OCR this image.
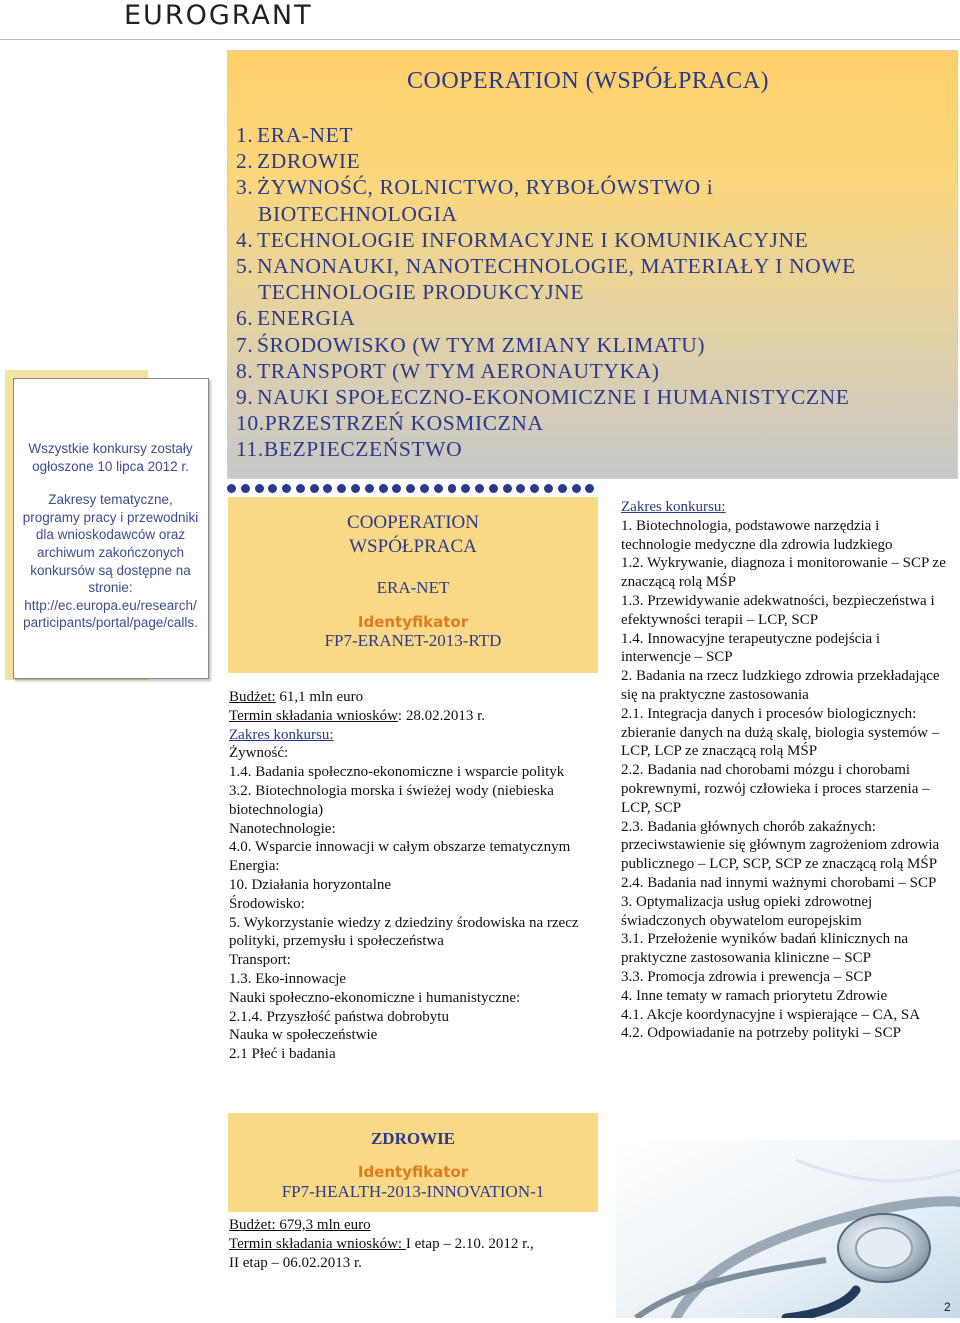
EUROGRANT

Wszystkie konkursy zostały ogłoszone 10 lipca 2012 r.

Zakresy tematyczne, programy pracy i przewodniki dla wnioskodawców oraz archiwum zakończonych konkursów są dostępne na stronie: http://ec.europa.eu/research/ participants/portal/page/calls.

COOPERATION (WSPÓŁPRACA)
1. ERA-NET
2. ZDROWIE
3. ŻYWNOŚĆ, ROLNICTWO, RYBOŁÓWSTWO i
BIOTECHNOLOGIA
4. TECHNOLOGIE INFORMACYJNE I KOMUNIKACYJNE
5. NANONAUKI, NANOTECHNOLOGIE, MATERIAŁY I NOWE
TECHNOLOGIE PRODUKCYJNE
6. ENERGIA
7. ŚRODOWISKO (W TYM ZMIANY KLIMATU)
8. TRANSPORT (W TYM AERONAUTYKA)
9. NAUKI SPOŁECZNO-EKONOMICZNE I HUMANISTYCZNE
10.PRZESTRZEŃ KOSMICZNA
11.BEZPIECZEŃSTWO
COOPERATION
WSPÓŁPRACA
ERA-NET
Identyfikator
FP7-ERANET-2013-RTD
Budżet: 61,1 mln euro
Termin składania wniosków: 28.02.2013 r.
Zakres konkursu:
Żywność:
1.4. Badania społeczno-ekonomiczne i wsparcie polityk
3.2. Biotechnologia morska i świeżej wody (niebieska biotechnologia)
Nanotechnologie:
4.0. Wsparcie innowacji w całym obszarze tematycznym
Energia:
10. Działania horyzontalne
Środowisko:
5. Wykorzystanie wiedzy z dziedziny środowiska na rzecz polityki, przemysłu i społeczeństwa
Transport:
1.3. Eko-innowacje
Nauki społeczno-ekonomiczne i humanistyczne:
2.1.4. Przyszłość państwa dobrobytu
Nauka w społeczeństwie
2.1 Płeć i badania
ZDROWIE
Identyfikator
FP7-HEALTH-2013-INNOVATION-1
Budżet: 679,3 mln euro
Termin składania wniosków: I etap – 2.10. 2012 r.,
II etap – 06.02.2013 r.
Zakres konkursu:
1. Biotechnologia, podstawowe narzędzia i technologie medyczne dla zdrowia ludzkiego
1.2. Wykrywanie, diagnoza i monitorowanie – SCP ze znaczącą rolą MŚP
1.3. Przewidywanie adekwatności, bezpieczeństwa i efektywności terapii – LCP, SCP
1.4. Innowacyjne terapeutyczne podejścia i interwencje – SCP
2. Badania na rzecz ludzkiego zdrowia przekładające się na praktyczne zastosowania
2.1. Integracja danych i procesów biologicznych: zbieranie danych na dużą skalę, biologia systemów –LCP, LCP ze znaczącą rolą MŚP
2.2. Badania nad chorobami mózgu i chorobami pokrewnymi, rozwój człowieka i proces starzenia – LCP, SCP
2.3. Badania głównych chorób zakaźnych: przeciwstawienie się głównym zagrożeniom zdrowia publicznego – LCP, SCP, SCP ze znaczącą rolą MŚP
2.4. Badania nad innymi ważnymi chorobami – SCP
3. Optymalizacja usług opieki zdrowotnej świadczonych obywatelom europejskim
3.1. Przełożenie wyników badań klinicznych na praktyczne zastosowania kliniczne – SCP
3.3. Promocja zdrowia i prewencja – SCP
4. Inne tematy w ramach priorytetu Zdrowie
4.1. Akcje koordynacyjne i wspierające – CA, SA
4.2. Odpowiadanie na potrzeby polityki – SCP
2
